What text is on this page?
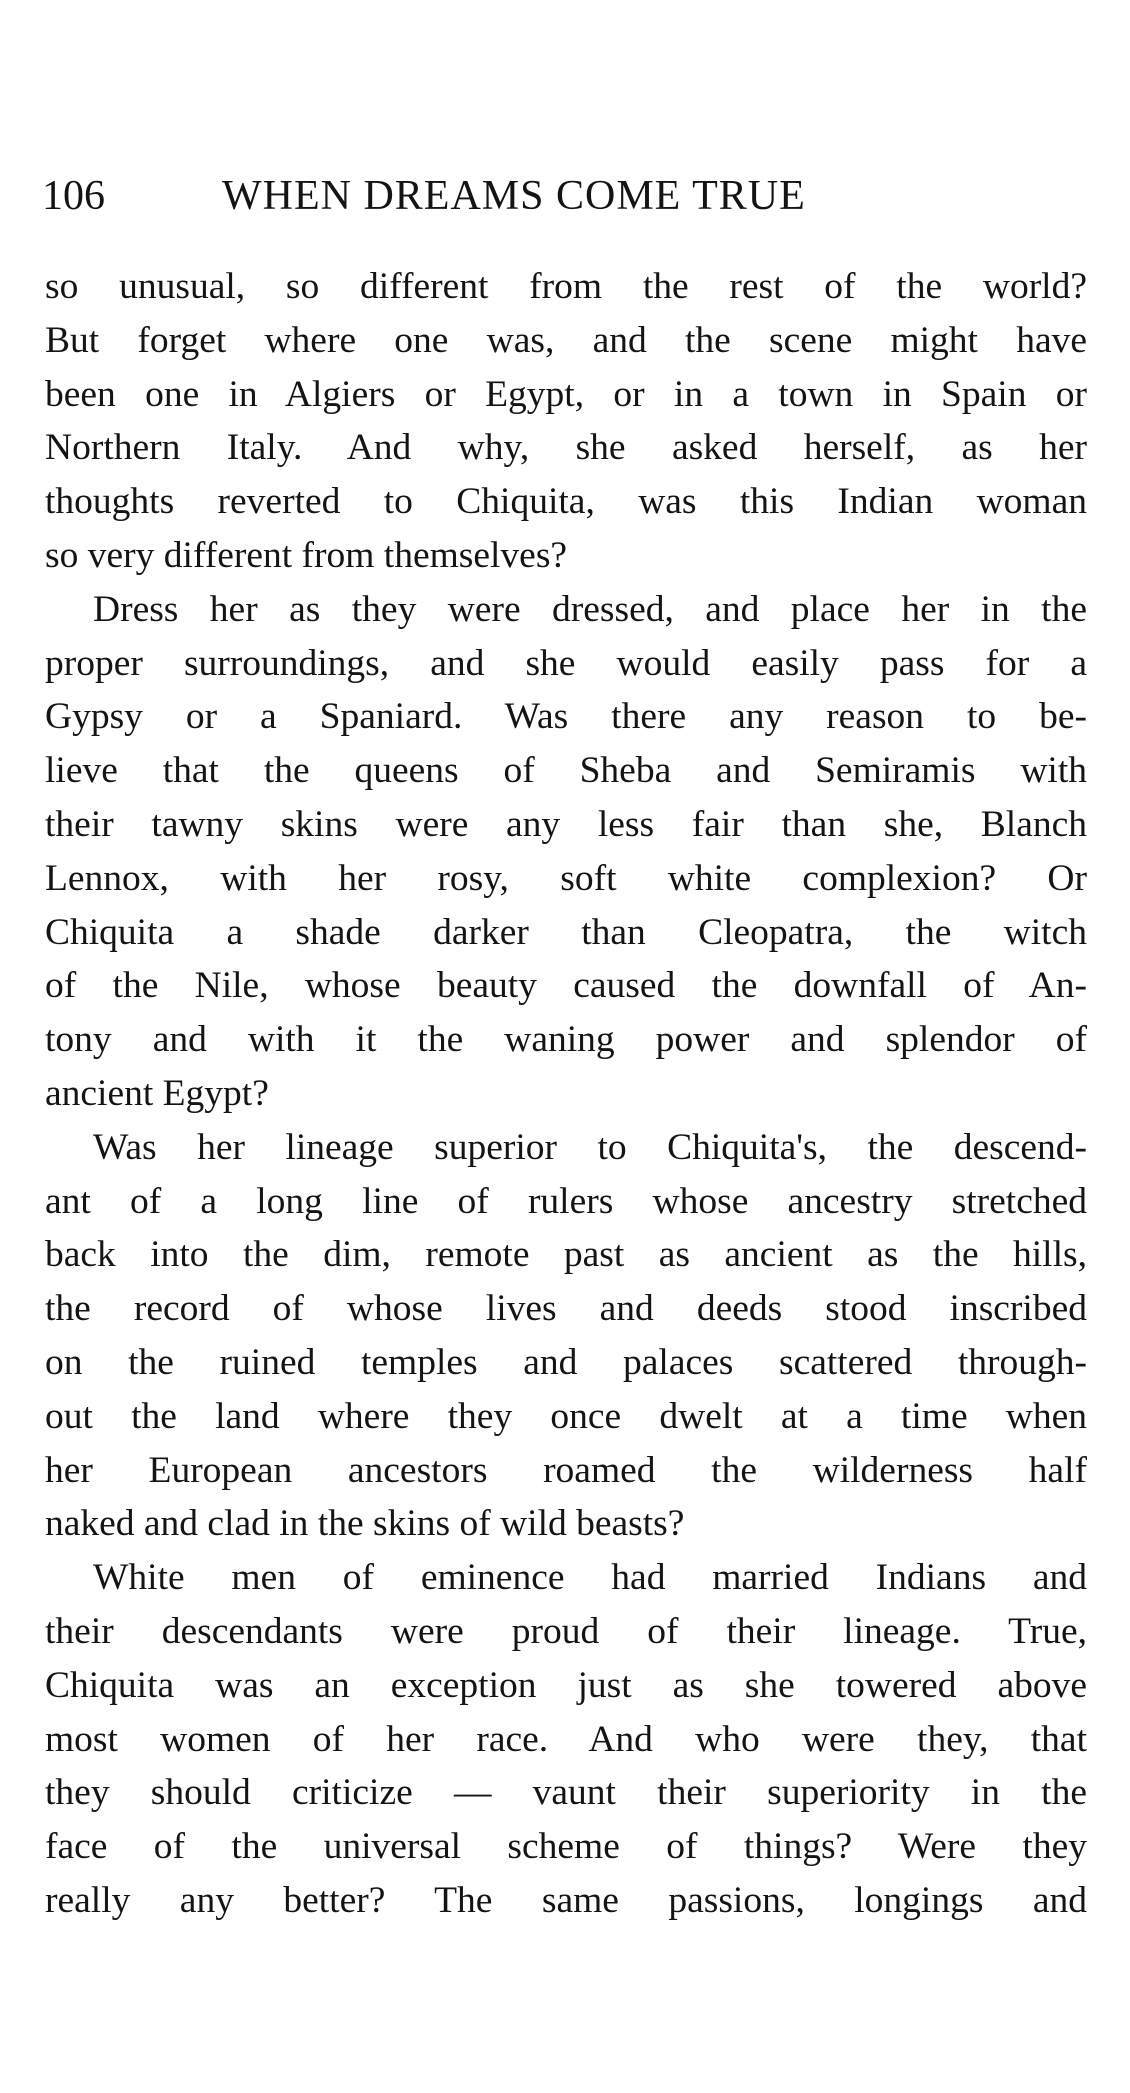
106	WHEN DREAMS COME TRUE

so unusual, so different from the rest of the world?
But forget where one was, and the scene might have
been one in Algiers or Egypt, or in a town in Spain or
Northern Italy. And why, she asked herself, as her
thoughts reverted to Chiquita, was this Indian woman
so very different from themselves?

Dress her as they were dressed, and place her in the
proper surroundings, and she would easily pass for a
Gypsy or a Spaniard. Was there any reason to be-
lieve that the queens of Sheba and Semiramis with
their tawny skins were any less fair than she, Blanch
Lennox, with her rosy, soft white complexion? Or
Chiquita a shade darker than Cleopatra, the witch
of the Nile, whose beauty caused the downfall of An-
tony and with it the waning power and splendor of
ancient Egypt?

Was her lineage superior to Chiquita's, the descend-
ant of a long line of rulers whose ancestry stretched
back into the dim, remote past as ancient as the hills,
the record of whose lives and deeds stood inscribed
on the ruined temples and palaces scattered through-
out the land where they once dwelt at a time when
her European ancestors roamed the wilderness half
naked and clad in the skins of wild beasts?

White men of eminence had married Indians and
their descendants were proud of their lineage. True,
Chiquita was an exception just as she towered above
most women of her race. And who were they, that
they should criticize — vaunt their superiority in the
face of the universal scheme of things? Were they
really any better? The same passions, longings and
